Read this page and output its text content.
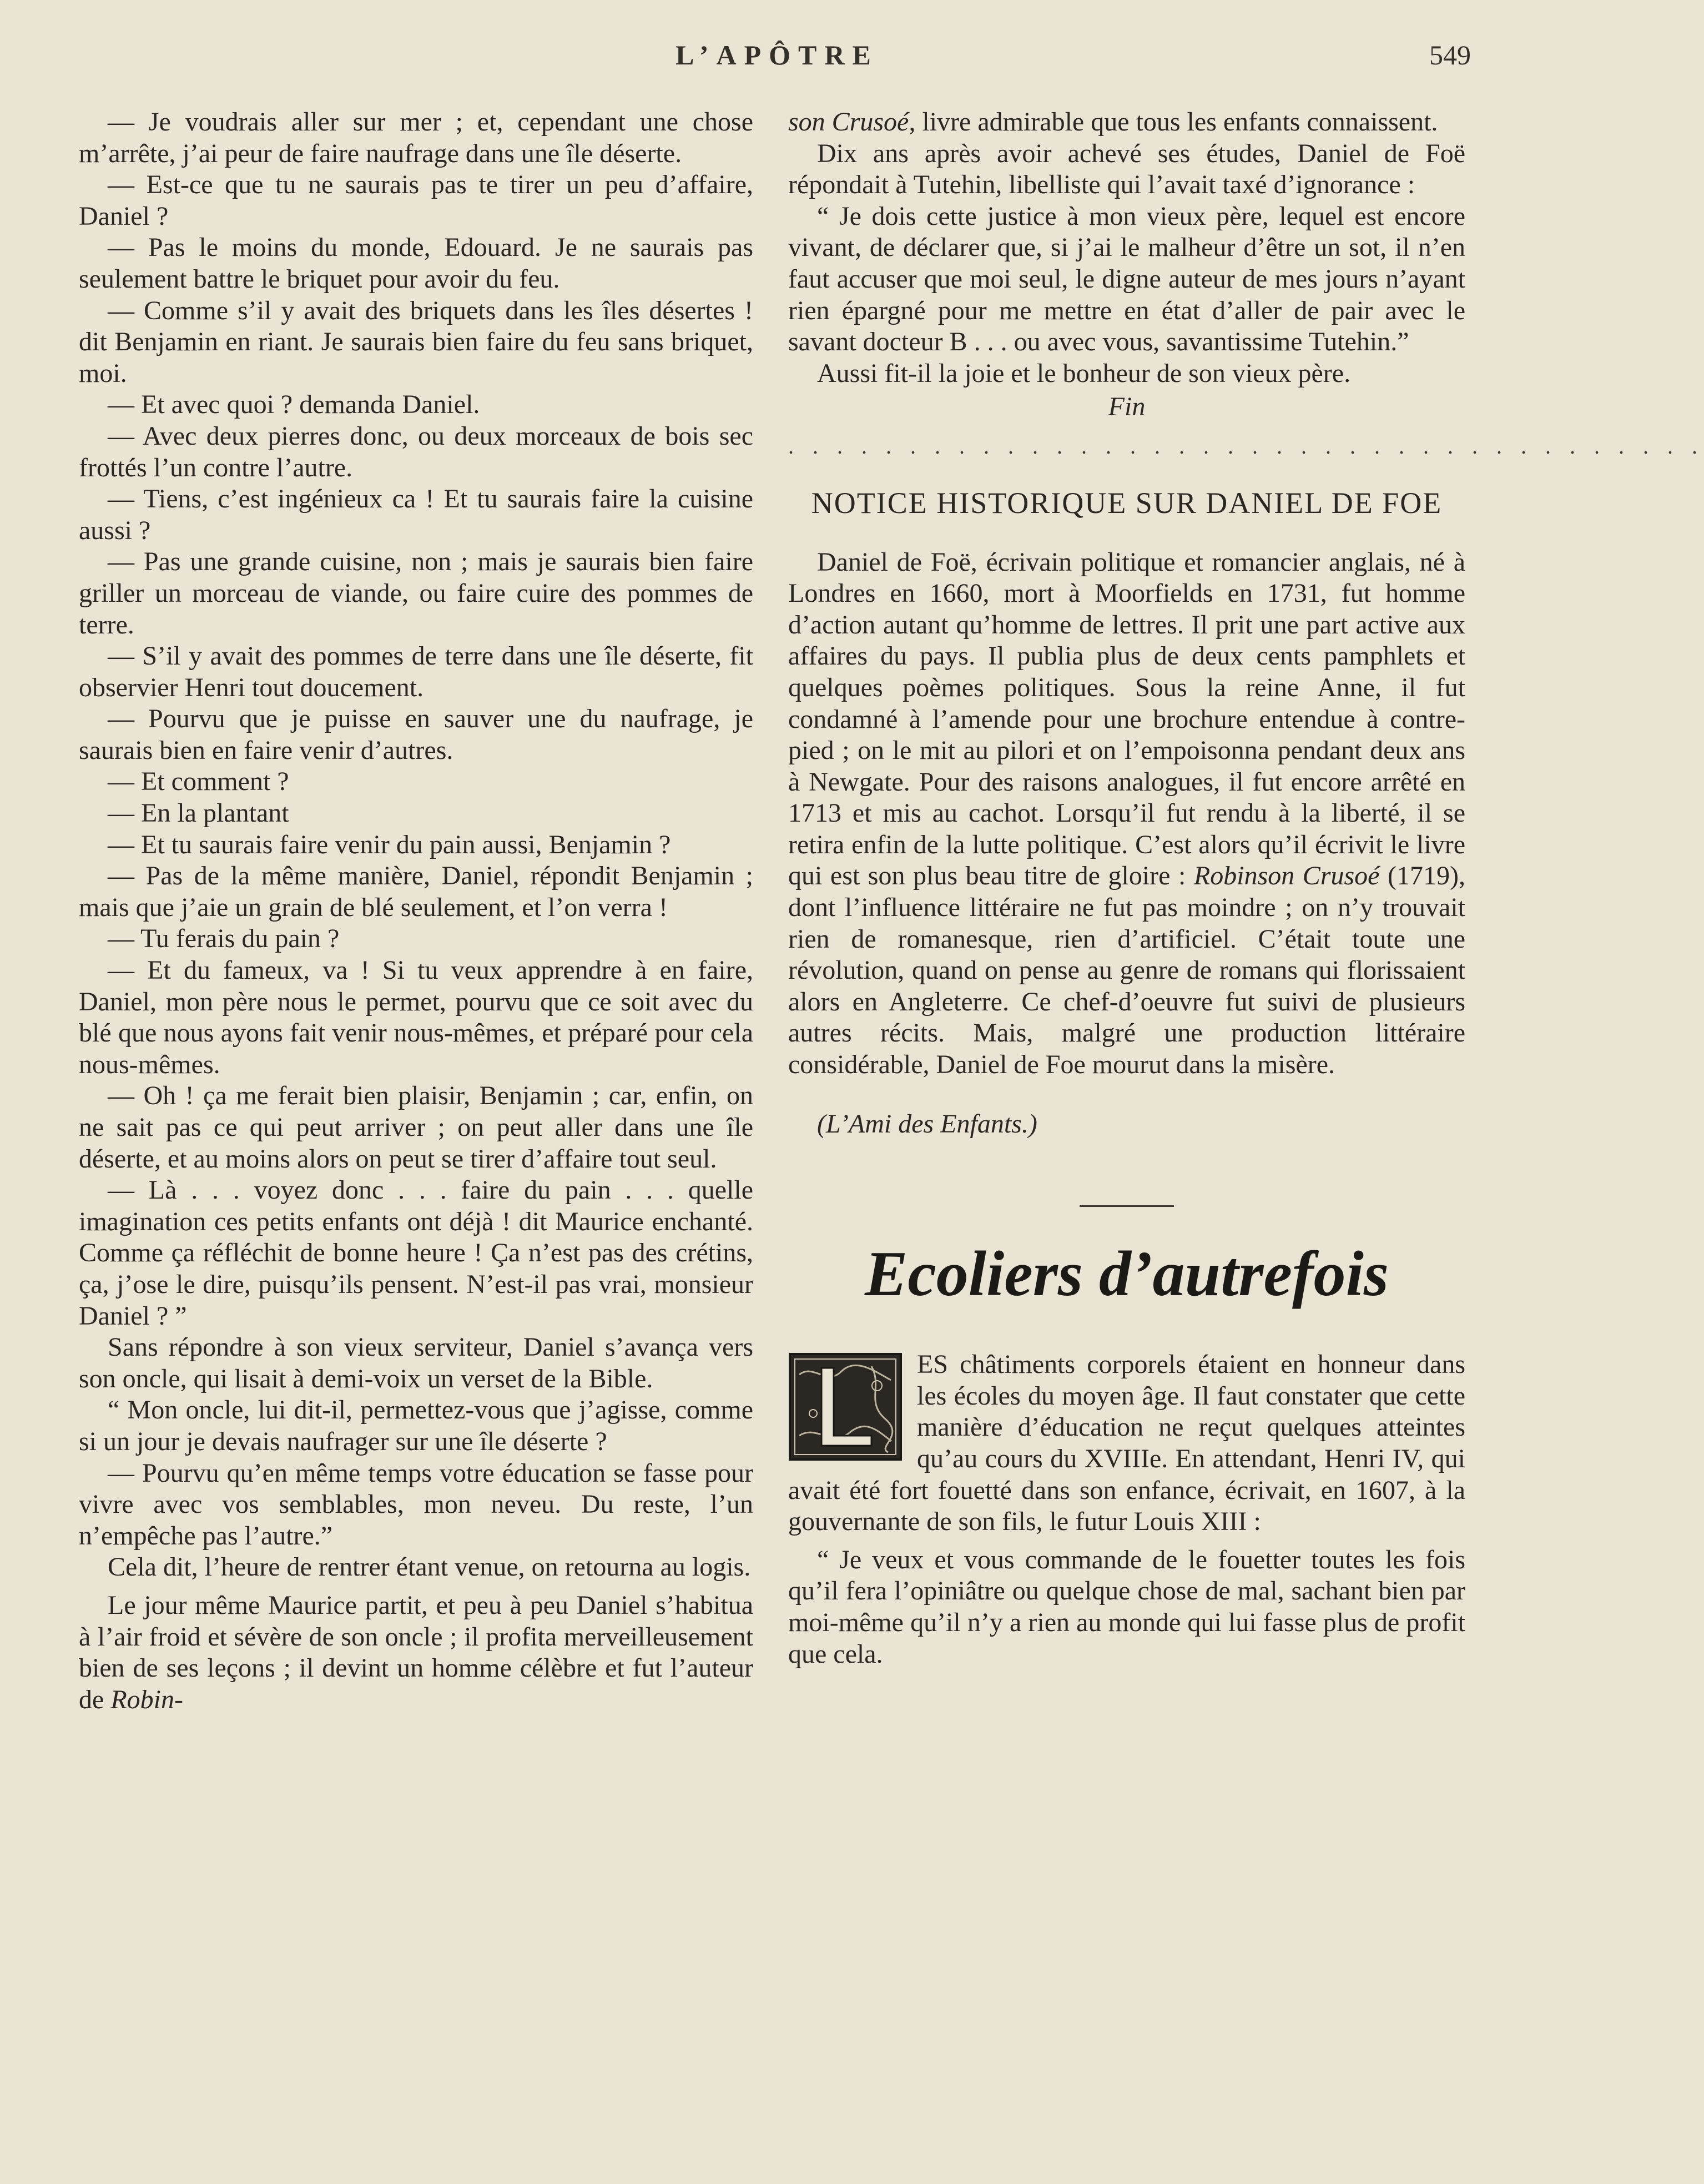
L’APÔTRE	549

— Je voudrais aller sur mer ; et, cependant une chose m’arrête, j’ai peur de faire naufrage dans une île déserte.

— Est-ce que tu ne saurais pas te tirer un peu d’affaire, Daniel ?

— Pas le moins du monde, Edouard. Je ne saurais pas seulement battre le briquet pour avoir du feu.

— Comme s’il y avait des briquets dans les îles désertes ! dit Benjamin en riant. Je saurais bien faire du feu sans briquet, moi.

— Et avec quoi ? demanda Daniel.

— Avec deux pierres donc, ou deux morceaux de bois sec frottés l’un contre l’autre.

— Tiens, c’est ingénieux ca ! Et tu saurais faire la cuisine aussi ?

— Pas une grande cuisine, non ; mais je saurais bien faire griller un morceau de viande, ou faire cuire des pommes de terre.

— S’il y avait des pommes de terre dans une île déserte, fit observier Henri tout doucement.

— Pourvu que je puisse en sauver une du naufrage, je saurais bien en faire venir d’autres.

— Et comment ?

— En la plantant

— Et tu saurais faire venir du pain aussi, Benjamin ?

— Pas de la même manière, Daniel, répondit Benjamin ; mais que j’aie un grain de blé seulement, et l’on verra !

— Tu ferais du pain ?

— Et du fameux, va ! Si tu veux apprendre à en faire, Daniel, mon père nous le permet, pourvu que ce soit avec du blé que nous ayons fait venir nous-mêmes, et préparé pour cela nous-mêmes.

— Oh ! ça me ferait bien plaisir, Benjamin ; car, enfin, on ne sait pas ce qui peut arriver ; on peut aller dans une île déserte, et au moins alors on peut se tirer d’affaire tout seul.

— Là . . . voyez donc . . . faire du pain . . . quelle imagination ces petits enfants ont déjà ! dit Maurice enchanté. Comme ça réfléchit de bonne heure ! Ça n’est pas des crétins, ça, j’ose le dire, puisqu’ils pensent. N’est-il pas vrai, monsieur Daniel ? ”

Sans répondre à son vieux serviteur, Daniel s’avança vers son oncle, qui lisait à demi-voix un verset de la Bible.

“ Mon oncle, lui dit-il, permettez-vous que j’agisse, comme si un jour je devais naufrager sur une île déserte ?

— Pourvu qu’en même temps votre éducation se fasse pour vivre avec vos semblables, mon neveu. Du reste, l’un n’empêche pas l’autre.”

Cela dit, l’heure de rentrer étant venue, on retourna au logis.

Le jour même Maurice partit, et peu à peu Daniel s’habitua à l’air froid et sévère de son oncle ; il profita merveilleusement bien de ses leçons ; il devint un homme célèbre et fut l’auteur de Robin-

son Crusoé, livre admirable que tous les enfants connaissent.

Dix ans après avoir achevé ses études, Daniel de Foë répondait à Tutehin, libelliste qui l’avait taxé d’ignorance :

“ Je dois cette justice à mon vieux père, lequel est encore vivant, de déclarer que, si j’ai le malheur d’être un sot, il n’en faut accuser que moi seul, le digne auteur de mes jours n’ayant rien épargné pour me mettre en état d’aller de pair avec le savant docteur B . . . ou avec vous, savantissime Tutehin.”

Aussi fit-il la joie et le bonheur de son vieux père.

Fin

. . . . . . . . . . . . . . . . . . . . . . . . . . . . . . . . . . . . . .
NOTICE HISTORIQUE SUR DANIEL DE FOE

Daniel de Foë, écrivain politique et romancier anglais, né à Londres en 1660, mort à Moorfields en 1731, fut homme d’action autant qu’homme de lettres. Il prit une part active aux affaires du pays. Il publia plus de deux cents pamphlets et quelques poèmes politiques. Sous la reine Anne, il fut condamné à l’amende pour une brochure entendue à contre-pied ; on le mit au pilori et on l’empoisonna pendant deux ans à Newgate. Pour des raisons analogues, il fut encore arrêté en 1713 et mis au cachot. Lorsqu’il fut rendu à la liberté, il se retira enfin de la lutte politique. C’est alors qu’il écrivit le livre qui est son plus beau titre de gloire : Robinson Crusoé (1719), dont l’influence littéraire ne fut pas moindre ; on n’y trouvait rien de romanesque, rien d’artificiel. C’était toute une révolution, quand on pense au genre de romans qui florissaient alors en Angleterre. Ce chef-d’oeuvre fut suivi de plusieurs autres récits. Mais, malgré une production littéraire considérable, Daniel de Foe mourut dans la misère.

(L’Ami des Enfants.)

Ecoliers d’autrefois

ES châtiments corporels étaient en honneur dans les écoles du moyen âge. Il faut constater que cette manière d’éducation ne reçut quelques atteintes qu’au cours du XVIIIe. En attendant, Henri IV, qui avait été fort fouetté dans son enfance, écrivait, en 1607, à la gouvernante de son fils, le futur Louis XIII :

“ Je veux et vous commande de le fouetter toutes les fois qu’il fera l’opiniâtre ou quelque chose de mal, sachant bien par moi-même qu’il n’y a rien au monde qui lui fasse plus de profit que cela.
